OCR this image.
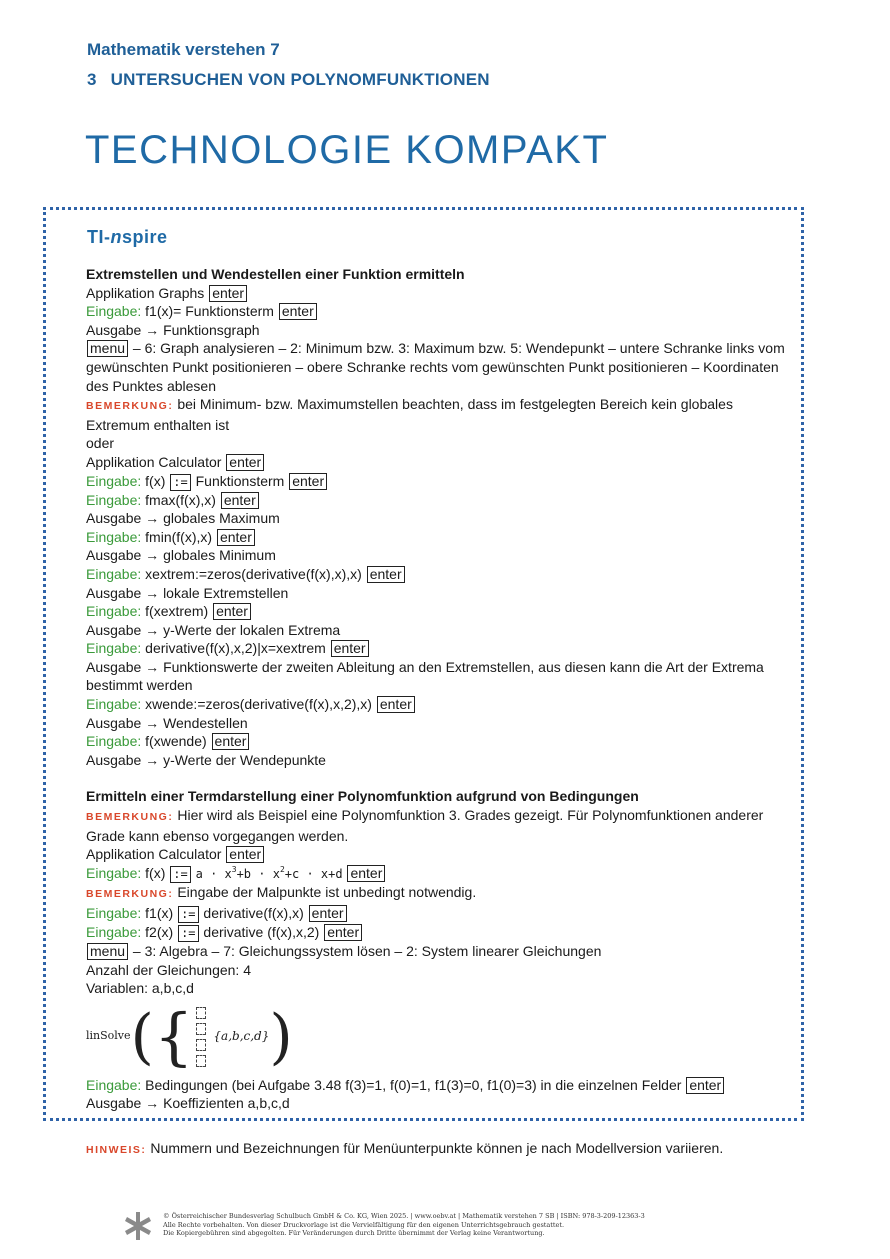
Mathematik verstehen 7
3 UNTERSUCHEN VON POLYNOMFUNKTIONEN
TECHNOLOGIE KOMPAKT
TI-nspire
Extremstellen und Wendestellen einer Funktion ermitteln
Applikation Graphs enter
Eingabe: f1(x)= Funktionsterm enter
Ausgabe → Funktionsgraph
menu – 6: Graph analysieren – 2: Minimum bzw. 3: Maximum bzw. 5: Wendepunkt – untere Schranke links vom gewünschten Punkt positionieren – obere Schranke rechts vom gewünschten Punkt positionieren – Koordinaten des Punktes ablesen
BEMERKUNG: bei Minimum- bzw. Maximumstellen beachten, dass im festgelegten Bereich kein globales Extremum enthalten ist
oder
Applikation Calculator enter
Eingabe: f(x) := Funktionsterm enter
Eingabe: fmax(f(x),x) enter
Ausgabe → globales Maximum
Eingabe: fmin(f(x),x) enter
Ausgabe → globales Minimum
Eingabe: xextrem:=zeros(derivative(f(x),x),x) enter
Ausgabe → lokale Extremstellen
Eingabe: f(xextrem) enter
Ausgabe → y-Werte der lokalen Extrema
Eingabe: derivative(f(x),x,2)|x=xextrem enter
Ausgabe → Funktionswerte der zweiten Ableitung an den Extremstellen, aus diesen kann die Art der Extrema bestimmt werden
Eingabe: xwende:=zeros(derivative(f(x),x,2),x) enter
Ausgabe → Wendestellen
Eingabe: f(xwende) enter
Ausgabe → y-Werte der Wendepunkte
Ermitteln einer Termdarstellung einer Polynomfunktion aufgrund von Bedingungen
BEMERKUNG: Hier wird als Beispiel eine Polynomfunktion 3. Grades gezeigt. Für Polynomfunktionen anderer Grade kann ebenso vorgegangen werden.
Applikation Calculator enter
Eingabe: f(x) := $a \cdot x^3+b \cdot x^2+c \cdot x+d$ enter
BEMERKUNG: Eingabe der Malpunkte ist unbedingt notwendig.
Eingabe: f1(x) := derivative(f(x),x) enter
Eingabe: f2(x) := derivative (f(x),x,2) enter
menu – 3: Algebra – 7: Gleichungssystem lösen – 2: System linearer Gleichungen
Anzahl der Gleichungen: 4
Variablen: a,b,c,d
linSolve ( { {a,b,c,d} )
Eingabe: Bedingungen (bei Aufgabe 3.48 f(3)=1, f(0)=1, f1(3)=0, f1(0)=3) in die einzelnen Felder enter
Ausgabe → Koeffizienten a,b,c,d
HINWEIS: Nummern und Bezeichnungen für Menüunterpunkte können je nach Modellversion variieren.
© Österreichischer Bundesverlag Schulbuch GmbH & Co. KG, Wien 2025. | www.oebv.at | Mathematik verstehen 7 SB | ISBN: 978-3-209-12363-3
Alle Rechte vorbehalten. Von dieser Druckvorlage ist die Vervielfältigung für den eigenen Unterrichtsgebrauch gestattet.
Die Kopiergebühren sind abgegolten. Für Veränderungen durch Dritte übernimmt der Verlag keine Verantwortung.
